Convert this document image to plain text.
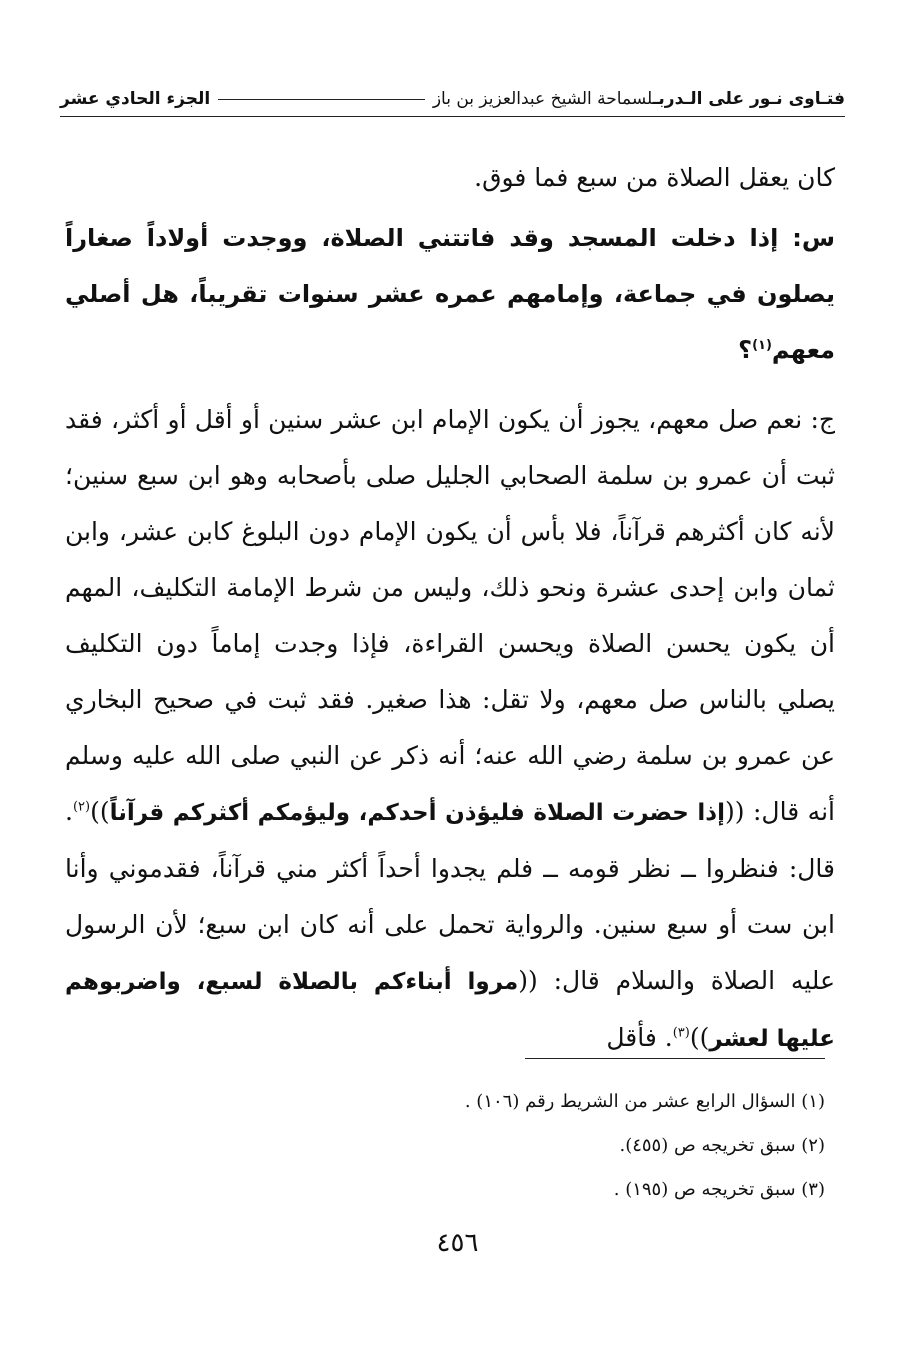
فتـاوى نـور على الـدربـلسماحة الشيخ عبدالعزيز بن باز
الجزء الحادي عشر

كان يعقل الصلاة من سبع فما فوق.

س: إذا دخلت المسجد وقد فاتتني الصلاة، ووجدت أولاداً صغاراً يصلون في جماعة، وإمامهم عمره عشر سنوات تقريباً، هل أصلي معهم$^{(١)}$؟

ج: نعم صل معهم، يجوز أن يكون الإمام ابن عشر سنين أو أقل أو أكثر، فقد ثبت أن عمرو بن سلمة الصحابي الجليل صلى بأصحابه وهو ابن سبع سنين؛ لأنه كان أكثرهم قرآناً، فلا بأس أن يكون الإمام دون البلوغ كابن عشر، وابن ثمان وابن إحدى عشرة ونحو ذلك، وليس من شرط الإمامة التكليف، المهم أن يكون يحسن الصلاة ويحسن القراءة، فإذا وجدت إماماً دون التكليف يصلي بالناس صل معهم، ولا تقل: هذا صغير. فقد ثبت في صحيح البخاري عن عمرو بن سلمة رضي الله عنه؛ أنه ذكر عن النبي صلى الله عليه وسلم أنه قال: ((إذا حضرت الصلاة فليؤذن أحدكم، وليؤمكم أكثركم قرآناً))$^{(٢)}$. قال: فنظروا ــ نظر قومه ــ فلم يجدوا أحداً أكثر مني قرآناً، فقدموني وأنا ابن ست أو سبع سنين. والرواية تحمل على أنه كان ابن سبع؛ لأن الرسول عليه الصلاة والسلام قال: ((مروا أبناءكم بالصلاة لسبع، واضربوهم عليها لعشر))$^{(٣)}$. فأقل

(١) السؤال الرابع عشر من الشريط رقم (١٠٦) .

(٢) سبق تخريجه ص (٤٥٥).

(٣) سبق تخريجه ص (١٩٥) .

٤٥٦
